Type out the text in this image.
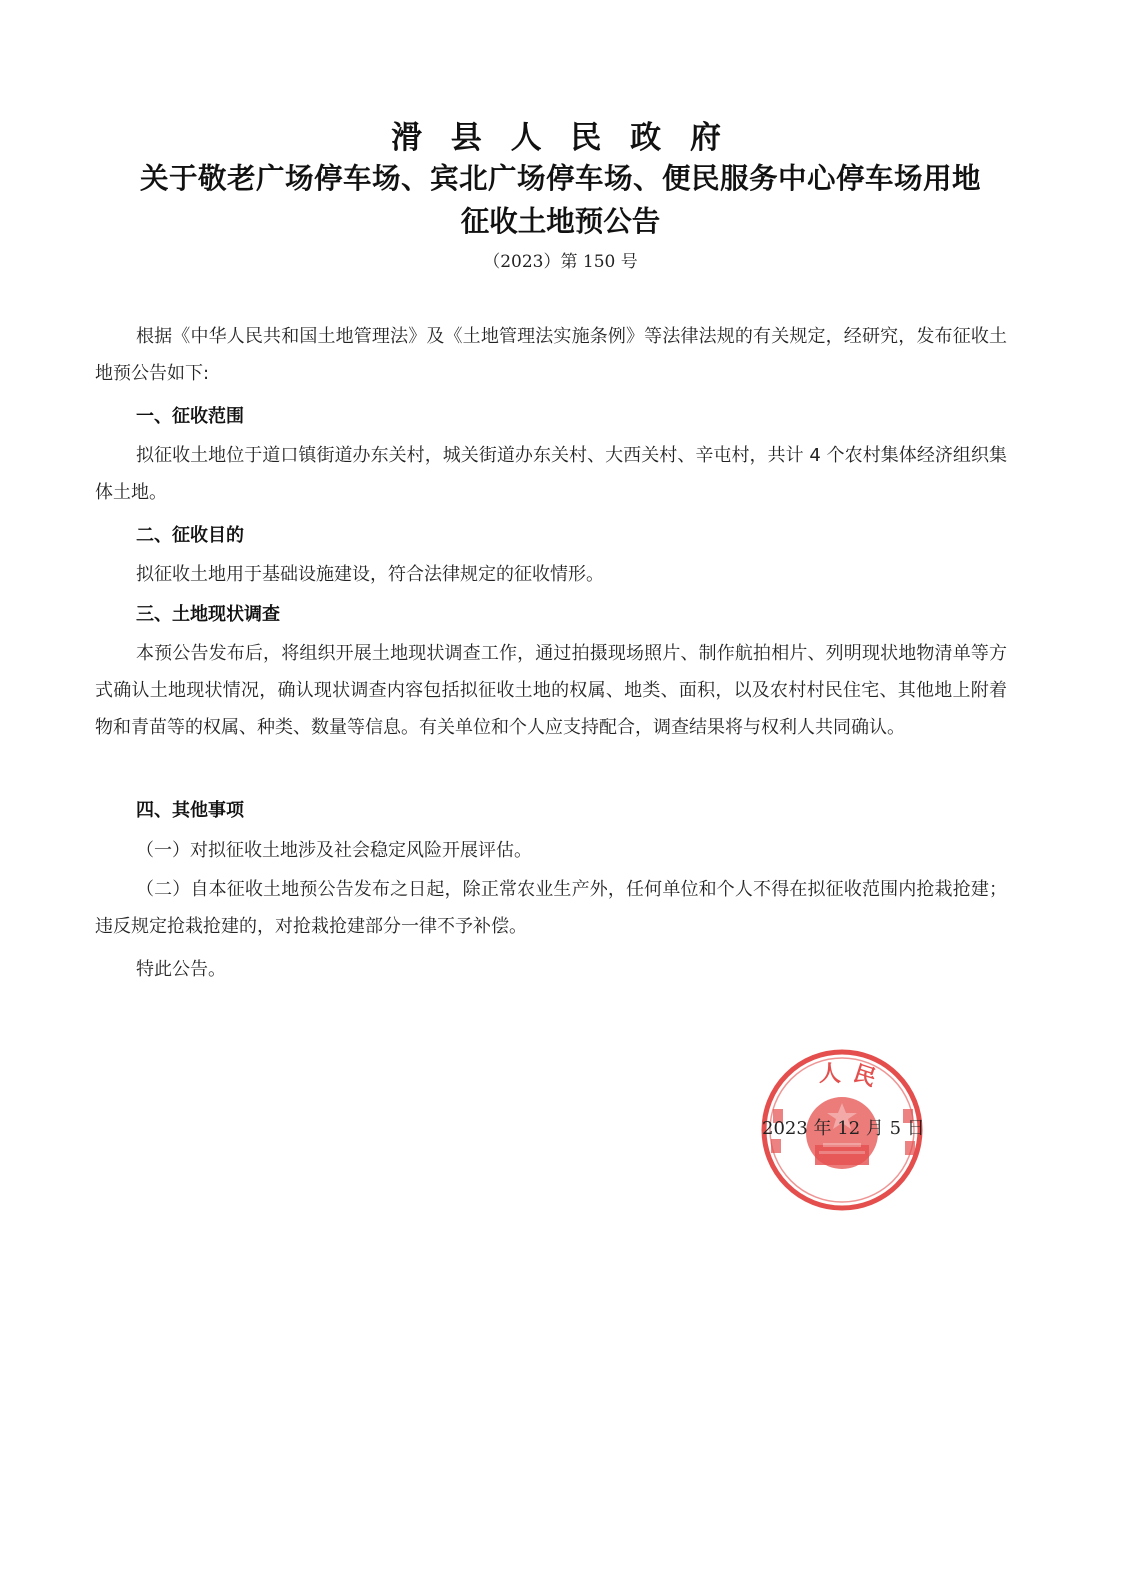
滑 县 人 民 政 府
关于敬老广场停车场、宾北广场停车场、便民服务中心停车场用地
征收土地预公告
（2023）第 150 号
根据《中华人民共和国土地管理法》及《土地管理法实施条例》等法律法规的有关规定，经研究，发布征收土地预公告如下:
一、征收范围
拟征收土地位于道口镇街道办东关村，城关街道办东关村、大西关村、辛屯村，共计 4 个农村集体经济组织集体土地。
二、征收目的
拟征收土地用于基础设施建设，符合法律规定的征收情形。
三、土地现状调查
本预公告发布后，将组织开展土地现状调查工作，通过拍摄现场照片、制作航拍相片、列明现状地物清单等方式确认土地现状情况，确认现状调查内容包括拟征收土地的权属、地类、面积，以及农村村民住宅、其他地上附着物和青苗等的权属、种类、数量等信息。有关单位和个人应支持配合，调查结果将与权利人共同确认。
四、其他事项
（一）对拟征收土地涉及社会稳定风险开展评估。
（二）自本征收土地预公告发布之日起，除正常农业生产外，任何单位和个人不得在拟征收范围内抢栽抢建；违反规定抢栽抢建的，对抢栽抢建部分一律不予补偿。
特此公告。
人 民
2023 年 12 月 5 日
